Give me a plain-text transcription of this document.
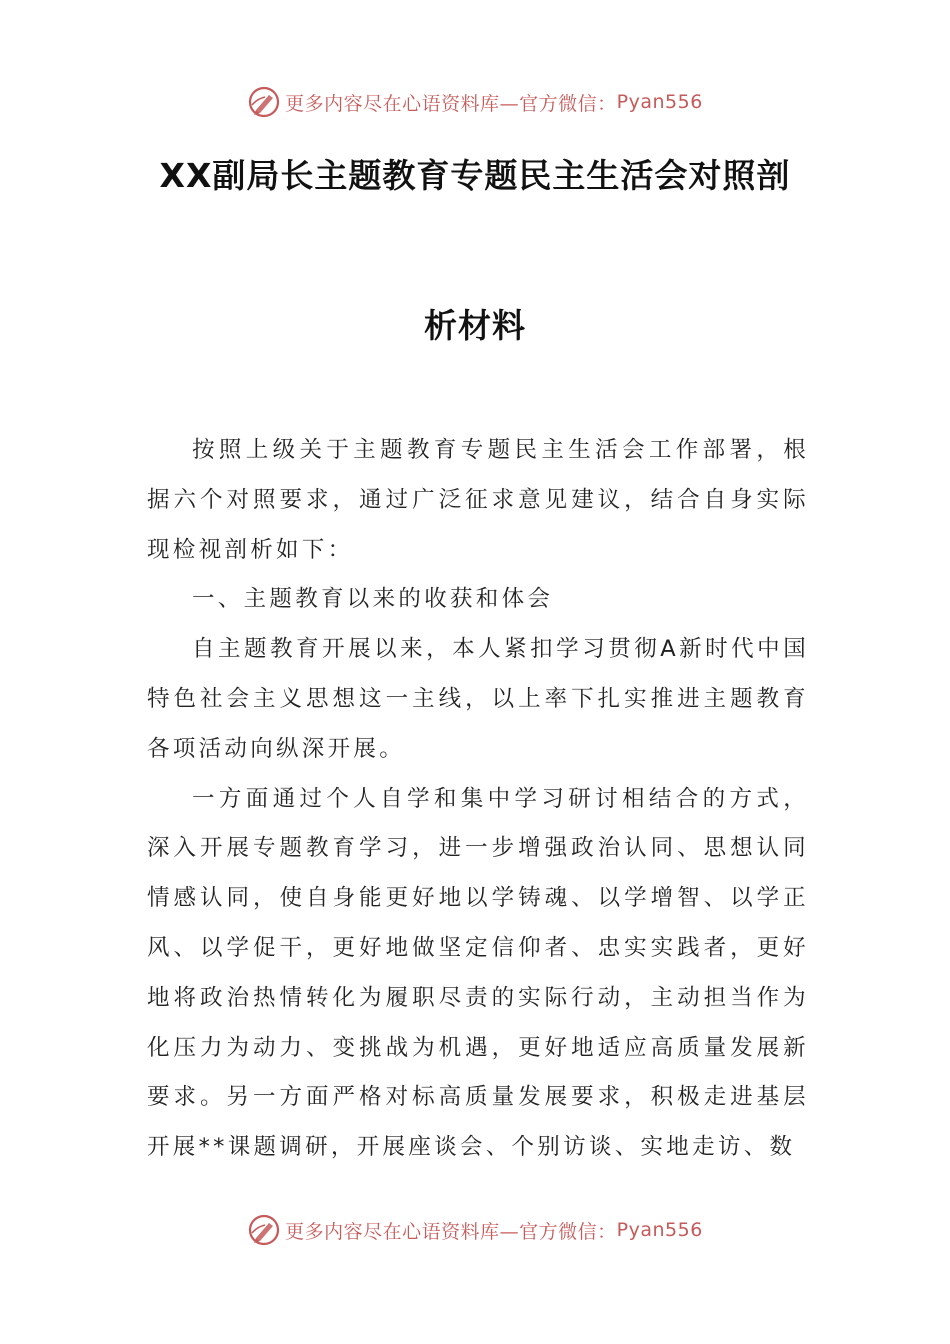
更多内容尽在心语资料库—官方微信： Pyan556
XX副局长主题教育专题民主生活会对照剖
析材料

按照上级关于主题教育专题民主生活会工作部署，根据六个对照要求，通过广泛征求意见建议，结合自身实际现检视剖析如下：

一、主题教育以来的收获和体会

自主题教育开展以来，本人紧扣学习贯彻A新时代中国特色社会主义思想这一主线，以上率下扎实推进主题教育各项活动向纵深开展。

一方面通过个人自学和集中学习研讨相结合的方式，深入开展专题教育学习，进一步增强政治认同、思想认同情感认同，使自身能更好地以学铸魂、以学增智、以学正风、以学促干，更好地做坚定信仰者、忠实实践者，更好地将政治热情转化为履职尽责的实际行动，主动担当作为化压力为动力、变挑战为机遇，更好地适应高质量发展新要求。另一方面严格对标高质量发展要求，积极走进基层开展**课题调研，开展座谈会、个别访谈、实地走访、数

更多内容尽在心语资料库—官方微信： Pyan556
